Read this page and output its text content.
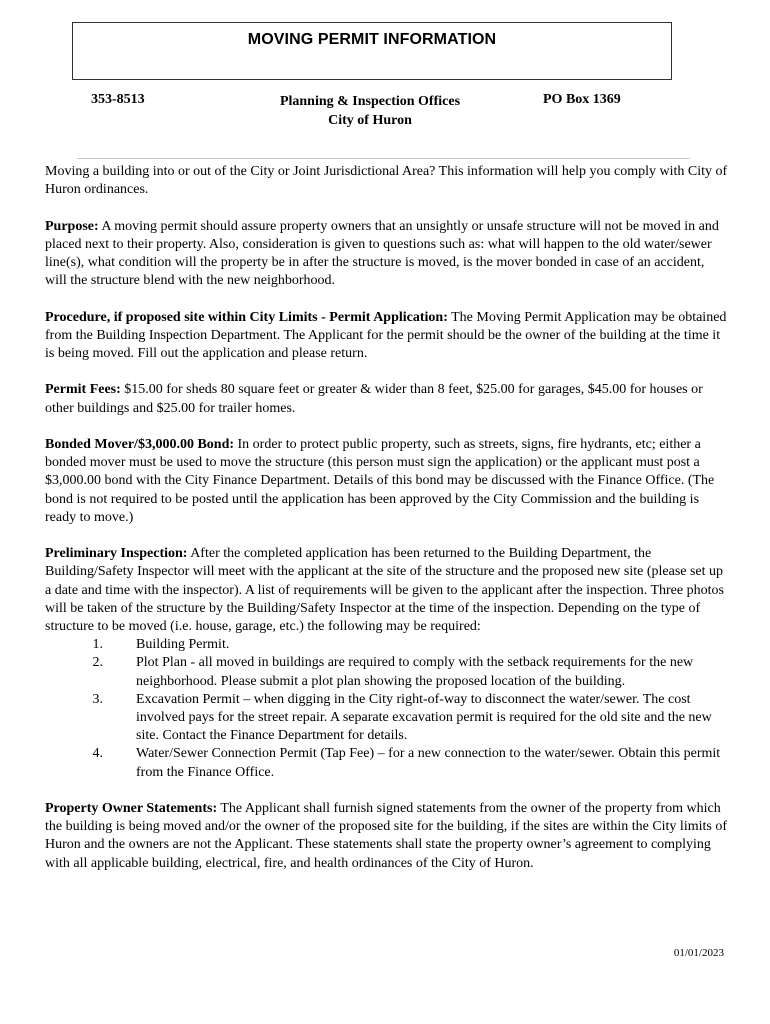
MOVING PERMIT INFORMATION
353-8513	Planning & Inspection Offices
City of Huron
PO Box 1369

Moving a building into or out of the City or Joint Jurisdictional Area? This information will help you comply with City of Huron ordinances.

Purpose: A moving permit should assure property owners that an unsightly or unsafe structure will not be moved in and placed next to their property. Also, consideration is given to questions such as: what will happen to the old water/sewer line(s), what condition will the property be in after the structure is moved, is the mover bonded in case of an accident, will the structure blend with the new neighborhood.

Procedure, if proposed site within City Limits - Permit Application: The Moving Permit Application may be obtained from the Building Inspection Department. The Applicant for the permit should be the owner of the building at the time it is being moved. Fill out the application and please return.

Permit Fees: $15.00 for sheds 80 square feet or greater & wider than 8 feet, $25.00 for garages, $45.00 for houses or other buildings and $25.00 for trailer homes.

Bonded Mover/$3,000.00 Bond: In order to protect public property, such as streets, signs, fire hydrants, etc; either a bonded mover must be used to move the structure (this person must sign the application) or the applicant must post a $3,000.00 bond with the City Finance Department. Details of this bond may be discussed with the Finance Office. (The bond is not required to be posted until the application has been approved by the City Commission and the building is ready to move.)

Preliminary Inspection: After the completed application has been returned to the Building Department, the Building/Safety Inspector will meet with the applicant at the site of the structure and the proposed new site (please set up a date and time with the inspector). A list of requirements will be given to the applicant after the inspection. Three photos will be taken of the structure by the Building/Safety Inspector at the time of the inspection. Depending on the type of structure to be moved (i.e. house, garage, etc.) the following may be required:

1.	Building Permit.
2.	Plot Plan - all moved in buildings are required to comply with the setback requirements for the new neighborhood. Please submit a plot plan showing the proposed location of the building.
3.	Excavation Permit – when digging in the City right-of-way to disconnect the water/sewer. The cost involved pays for the street repair. A separate excavation permit is required for the old site and the new site. Contact the Finance Department for details.
4.	Water/Sewer Connection Permit (Tap Fee) – for a new connection to the water/sewer. Obtain this permit from the Finance Office.

Property Owner Statements: The Applicant shall furnish signed statements from the owner of the property from which the building is being moved and/or the owner of the proposed site for the building, if the sites are within the City limits of Huron and the owners are not the Applicant. These statements shall state the property owner’s agreement to complying with all applicable building, electrical, fire, and health ordinances of the City of Huron.

01/01/2023
